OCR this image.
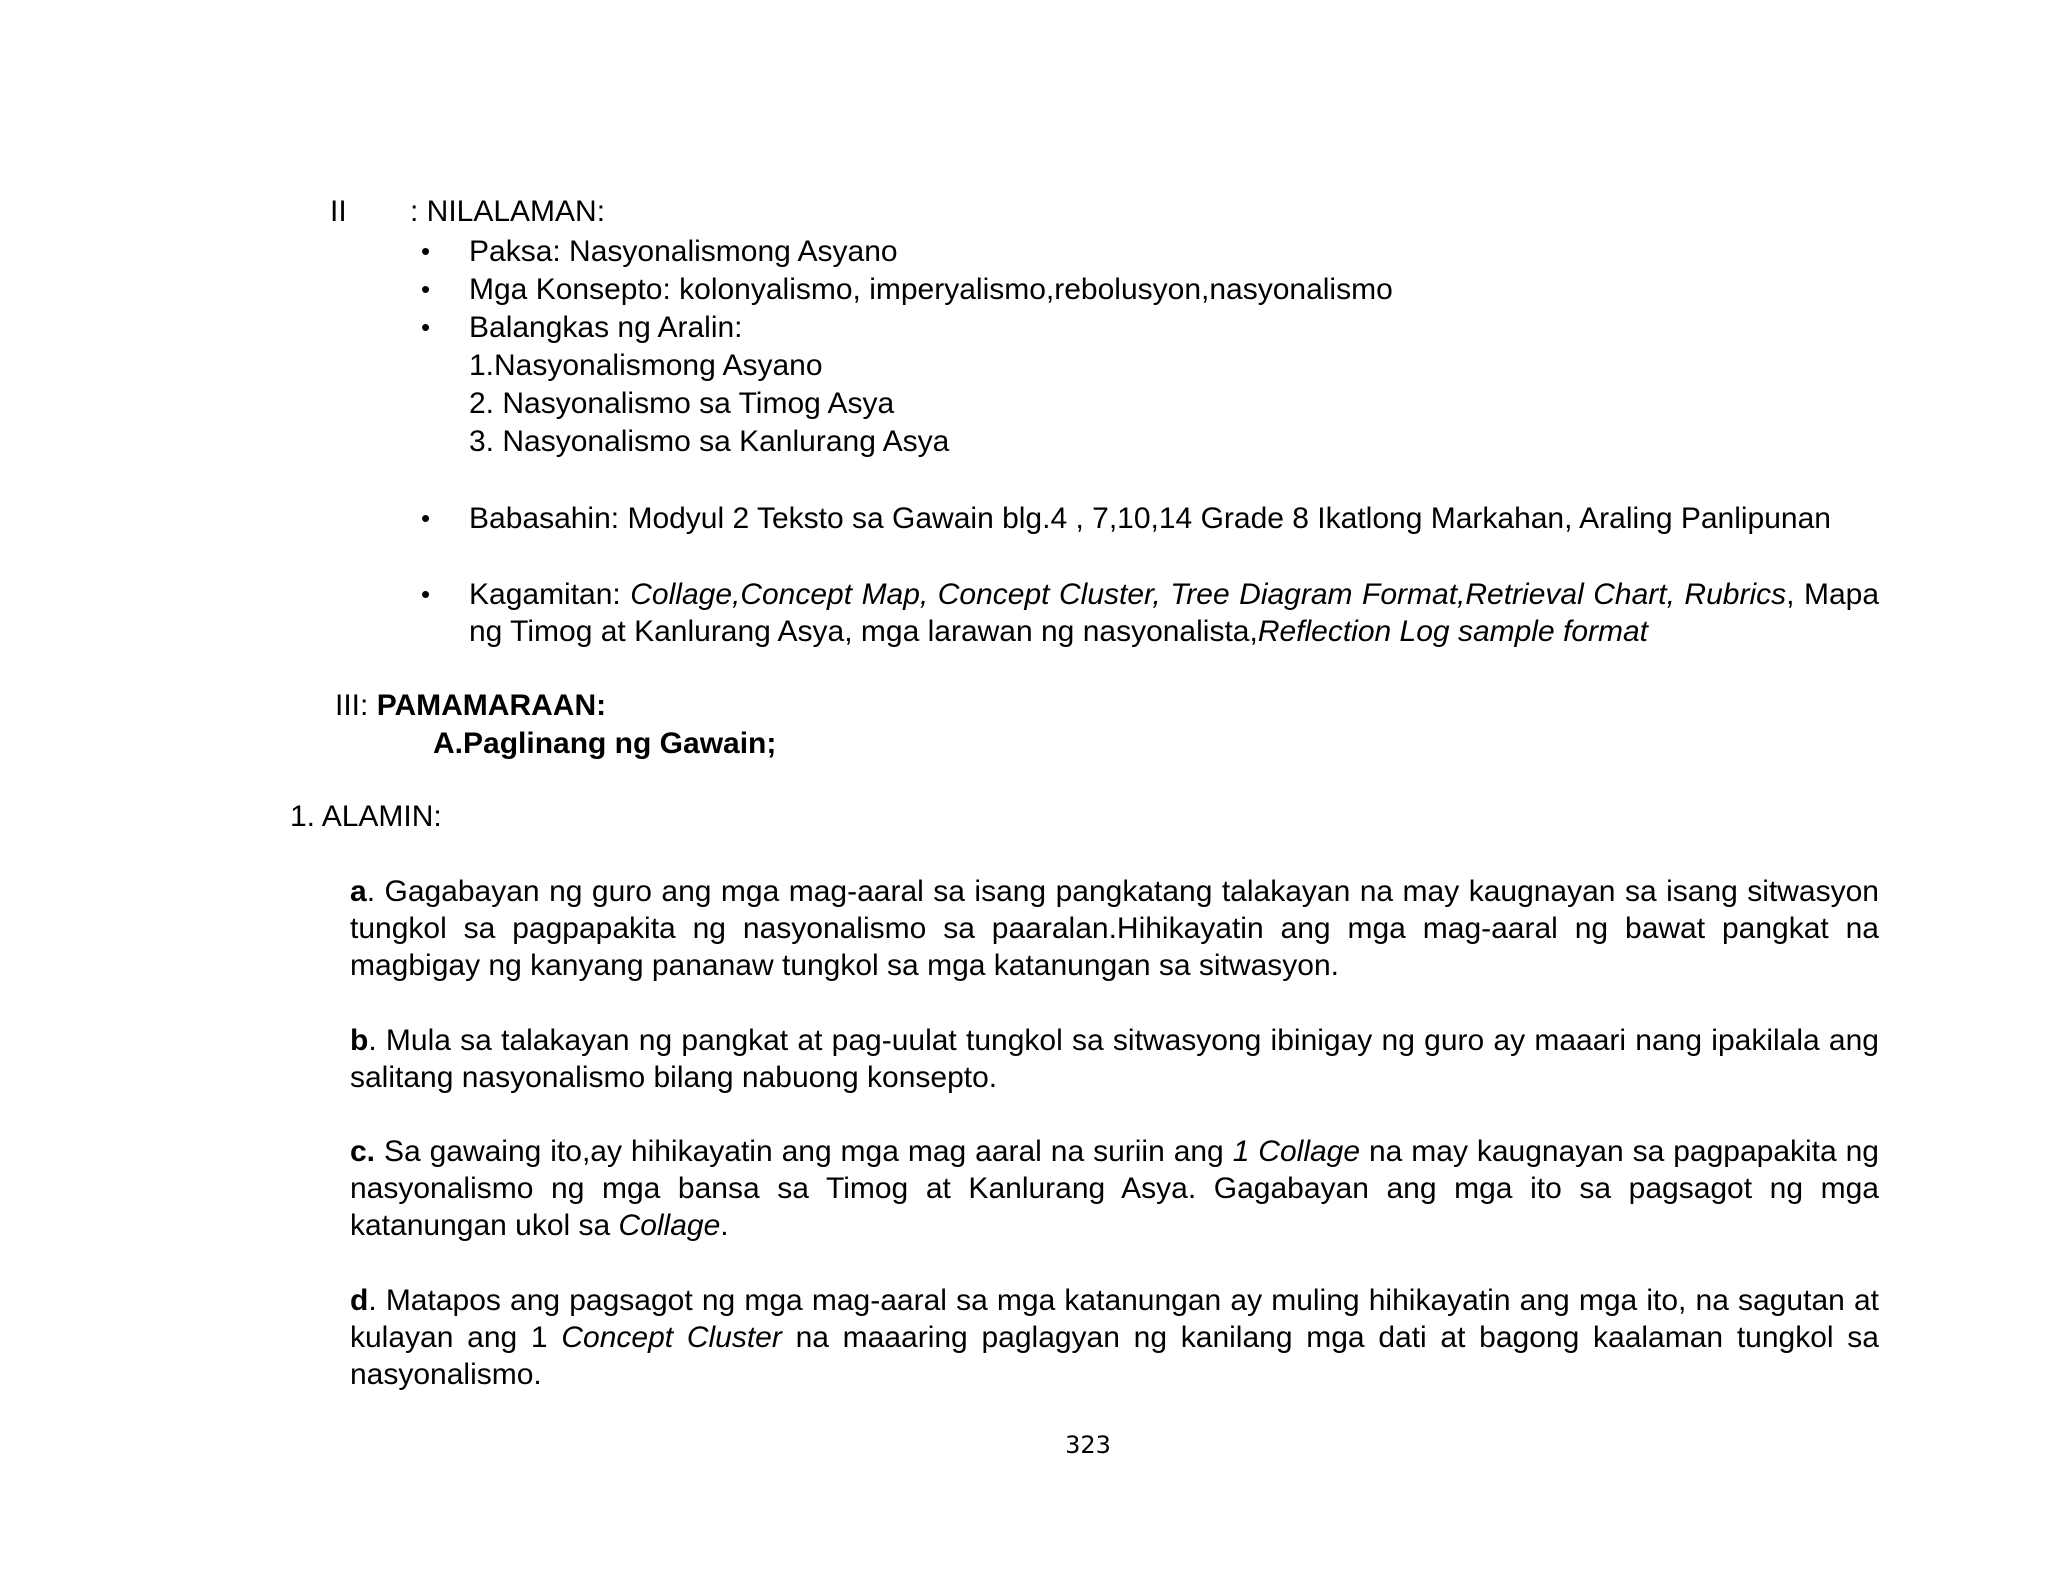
II : NILALAMAN:
• Paksa: Nasyonalismong Asyano
• Mga Konsepto: kolonyalismo, imperyalismo,rebolusyon,nasyonalismo
• Balangkas ng Aralin:
1.Nasyonalismong Asyano
2. Nasyonalismo sa Timog Asya
3. Nasyonalismo sa Kanlurang Asya
• Babasahin: Modyul 2 Teksto sa Gawain blg.4 , 7,10,14 Grade 8 Ikatlong Markahan, Araling Panlipunan
• Kagamitan: Collage,Concept Map, Concept Cluster, Tree Diagram Format,Retrieval Chart, Rubrics, Mapa ng Timog at Kanlurang Asya, mga larawan ng nasyonalista,Reflection Log sample format
III: PAMAMARAAN:
A.Paglinang ng Gawain;
1. ALAMIN:
a. Gagabayan ng guro ang mga mag-aaral sa isang pangkatang talakayan na may kaugnayan sa isang sitwasyon tungkol sa pagpapakita ng nasyonalismo sa paaralan.Hihikayatin ang mga mag-aaral ng bawat pangkat na magbigay ng kanyang pananaw tungkol sa mga katanungan sa sitwasyon.
b. Mula sa talakayan ng pangkat at pag-uulat tungkol sa sitwasyong ibinigay ng guro ay maaari nang ipakilala ang salitang nasyonalismo bilang nabuong konsepto.
c. Sa gawaing ito,ay hihikayatin ang mga mag aaral na suriin ang 1 Collage na may kaugnayan sa pagpapakita ng nasyonalismo ng mga bansa sa Timog at Kanlurang Asya. Gagabayan ang mga ito sa pagsagot ng mga katanungan ukol sa Collage.
d. Matapos ang pagsagot ng mga mag-aaral sa mga katanungan ay muling hihikayatin ang mga ito, na sagutan at kulayan ang 1 Concept Cluster na maaaring paglagyan ng kanilang mga dati at bagong kaalaman tungkol sa nasyonalismo.
323
